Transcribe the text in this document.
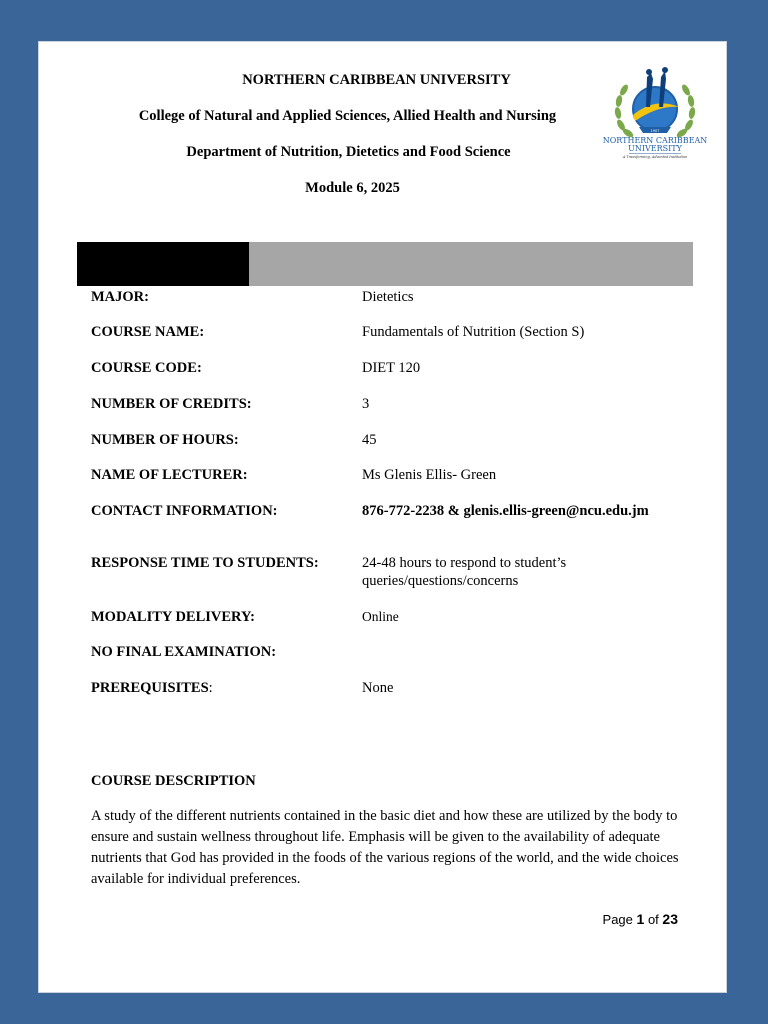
NORTHERN CARIBBEAN UNIVERSITY
College of Natural and Applied Sciences, Allied Health and Nursing
Department of Nutrition, Dietetics and Food Science
Module 6, 2025
1907
NORTHERN CARIBBEAN
UNIVERSITY
A Transforming, Adventist Institution
MAJOR:	Dietetics
COURSE NAME:	Fundamentals of Nutrition (Section S)
COURSE CODE:	DIET 120
NUMBER OF CREDITS:	3
NUMBER OF HOURS:	45
NAME OF LECTURER:	Ms Glenis Ellis- Green
CONTACT INFORMATION:	876-772-2238 & glenis.ellis-green@ncu.edu.jm
RESPONSE TIME TO STUDENTS:	24-48 hours to respond to student’s queries/questions/concerns
MODALITY DELIVERY:	Online
NO FINAL EXAMINATION:
PREREQUISITES:	None
COURSE DESCRIPTION
A study of the different nutrients contained in the basic diet and how these are utilized by the body to ensure and sustain wellness throughout life. Emphasis will be given to the availability of adequate nutrients that God has provided in the foods of the various regions of the world, and the wide choices available for individual preferences.
Page 1 of 23
